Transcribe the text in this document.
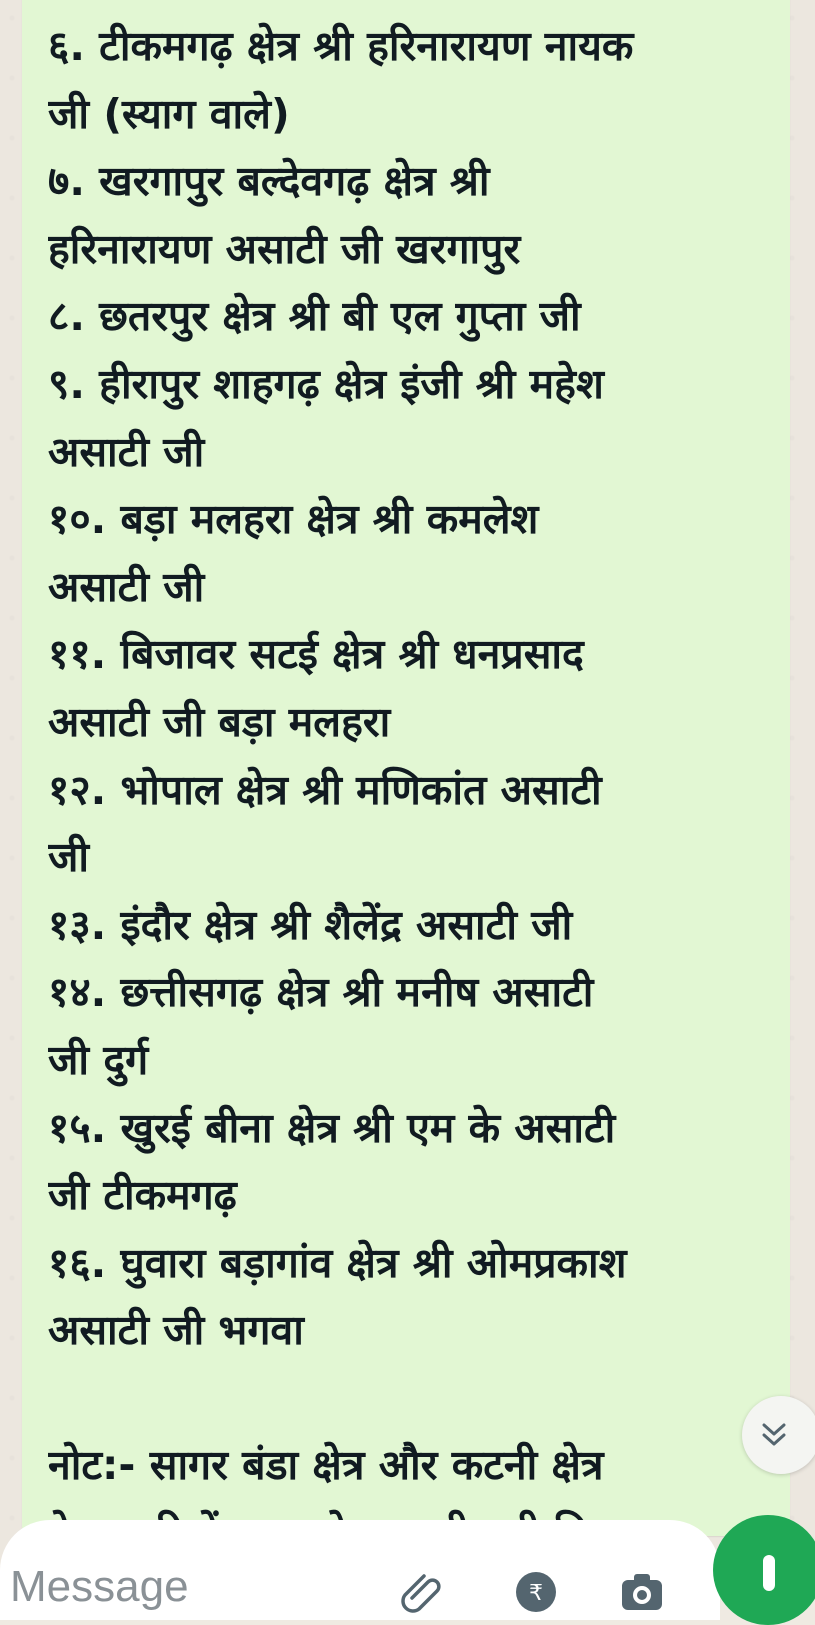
६. टीकमगढ़ क्षेत्र श्री हरिनारायण नायक
जी (स्याग वाले)
७. खरगापुर बल्देवगढ़ क्षेत्र श्री
हरिनारायण असाटी जी खरगापुर
८. छतरपुर क्षेत्र श्री बी एल गुप्ता जी
९. हीरापुर शाहगढ़ क्षेत्र इंजी श्री महेश
असाटी जी
१०. बड़ा मलहरा क्षेत्र श्री कमलेश
असाटी जी
११. बिजावर सटई क्षेत्र श्री धनप्रसाद
असाटी जी बड़ा मलहरा
१२. भोपाल क्षेत्र श्री मणिकांत असाटी
जी
१३. इंदौर क्षेत्र श्री शैलेंद्र असाटी जी
१४. छत्तीसगढ़ क्षेत्र श्री मनीष असाटी
जी दुर्ग
१५. खुरई बीना क्षेत्र श्री एम के असाटी
जी टीकमगढ़
१६. घुवारा बड़ागांव क्षेत्र श्री ओमप्रकाश
असाटी जी भगवा
नोट:- सागर बंडा क्षेत्र और कटनी क्षेत्र
Message	₹
